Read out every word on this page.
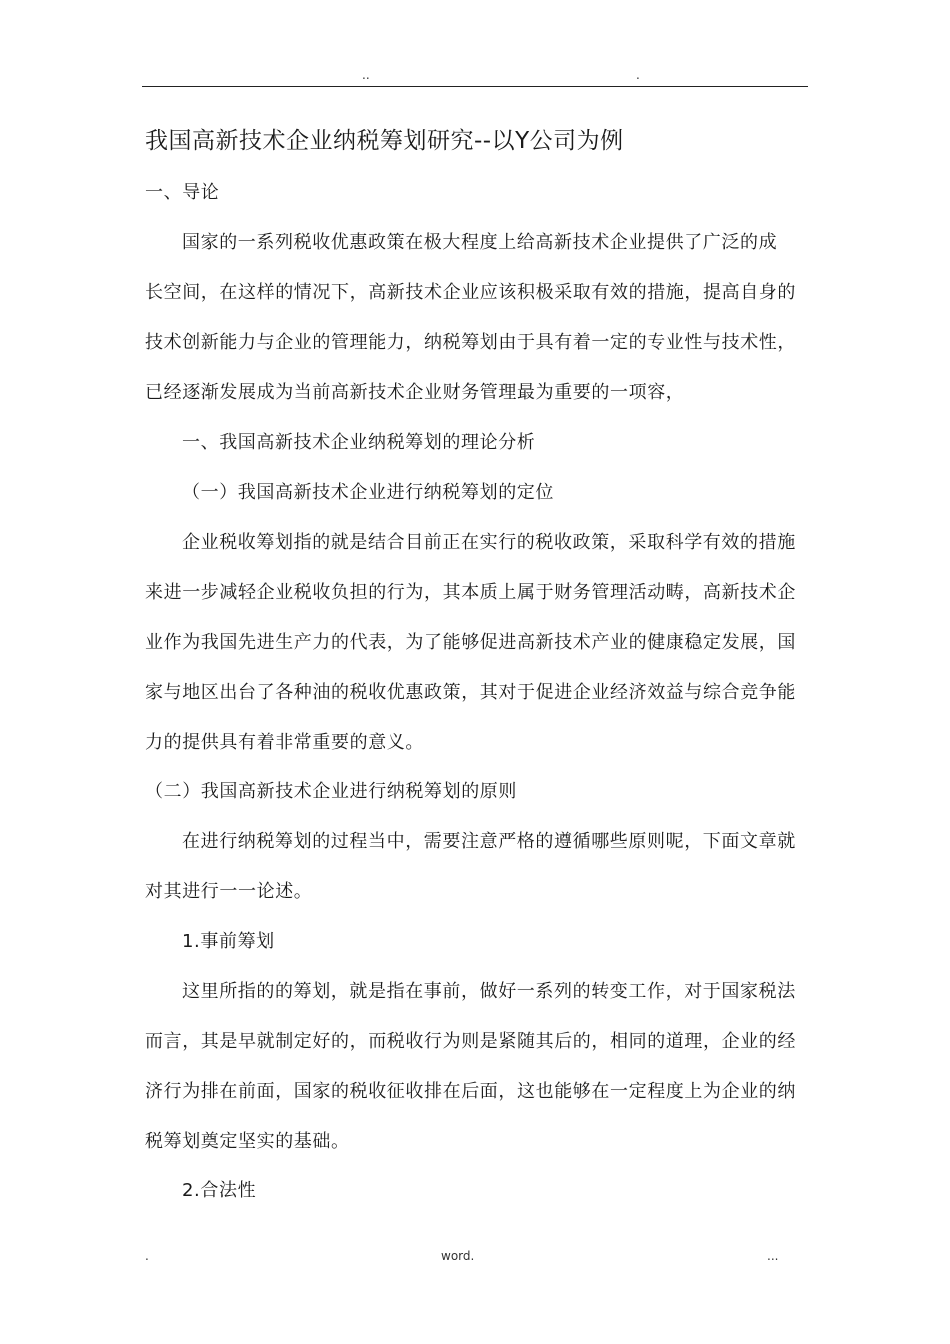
..	.
我国高新技术企业纳税筹划研究--以Y公司为例
一、导论
国家的一系列税收优惠政策在极大程度上给高新技术企业提供了广泛的成
长空间，在这样的情况下，高新技术企业应该积极采取有效的措施，提高自身的
技术创新能力与企业的管理能力，纳税筹划由于具有着一定的专业性与技术性，
已经逐渐发展成为当前高新技术企业财务管理最为重要的一项容，
一、我国高新技术企业纳税筹划的理论分析
（一）我国高新技术企业进行纳税筹划的定位
企业税收筹划指的就是结合目前正在实行的税收政策，采取科学有效的措施
来进一步减轻企业税收负担的行为，其本质上属于财务管理活动畴，高新技术企
业作为我国先进生产力的代表，为了能够促进高新技术产业的健康稳定发展，国
家与地区出台了各种油的税收优惠政策，其对于促进企业经济效益与综合竞争能
力的提供具有着非常重要的意义。
（二）我国高新技术企业进行纳税筹划的原则
在进行纳税筹划的过程当中，需要注意严格的遵循哪些原则呢，下面文章就
对其进行一一论述。
1.事前筹划
这里所指的的筹划，就是指在事前，做好一系列的转变工作，对于国家税法
而言，其是早就制定好的，而税收行为则是紧随其后的，相同的道理，企业的经
济行为排在前面，国家的税收征收排在后面，这也能够在一定程度上为企业的纳
税筹划奠定坚实的基础。
2.合法性
.	word.	...
